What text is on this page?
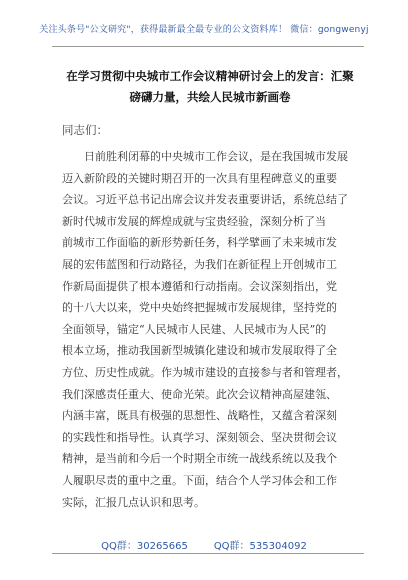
关注头条号"公文研究"，获得最新最全最专业的公文资料库！ 微信：gongwenyj
在学习贯彻中央城市工作会议精神研讨会上的发言：汇聚
磅礴力量，共绘人民城市新画卷
同志们：
日前胜利闭幕的中央城市工作会议，是在我国城市发展
迈入新阶段的关键时期召开的一次具有里程碑意义的重要
会议。习近平总书记出席会议并发表重要讲话，系统总结了
新时代城市发展的辉煌成就与宝贵经验，深刻分析了当
前城市工作面临的新形势新任务，科学擘画了未来城市发
展的宏伟蓝图和行动路径，为我们在新征程上开创城市工
作新局面提供了根本遵循和行动指南。会议深刻指出，党
的十八大以来，党中央始终把握城市发展规律，坚持党的
全面领导，锚定“人民城市人民建、人民城市为人民”的
根本立场，推动我国新型城镇化建设和城市发展取得了全
方位、历史性成就。作为城市建设的直接参与者和管理者，
我们深感责任重大、使命光荣。此次会议精神高屋建瓴、
内涵丰富，既具有极强的思想性、战略性，又蕴含着深刻
的实践性和指导性。认真学习、深刻领会、坚决贯彻会议
精神，是当前和今后一个时期全市统一战线系统以及我个
人履职尽责的重中之重。下面，结合个人学习体会和工作
实际，汇报几点认识和思考。
QQ群：30265665	QQ群：535304092
